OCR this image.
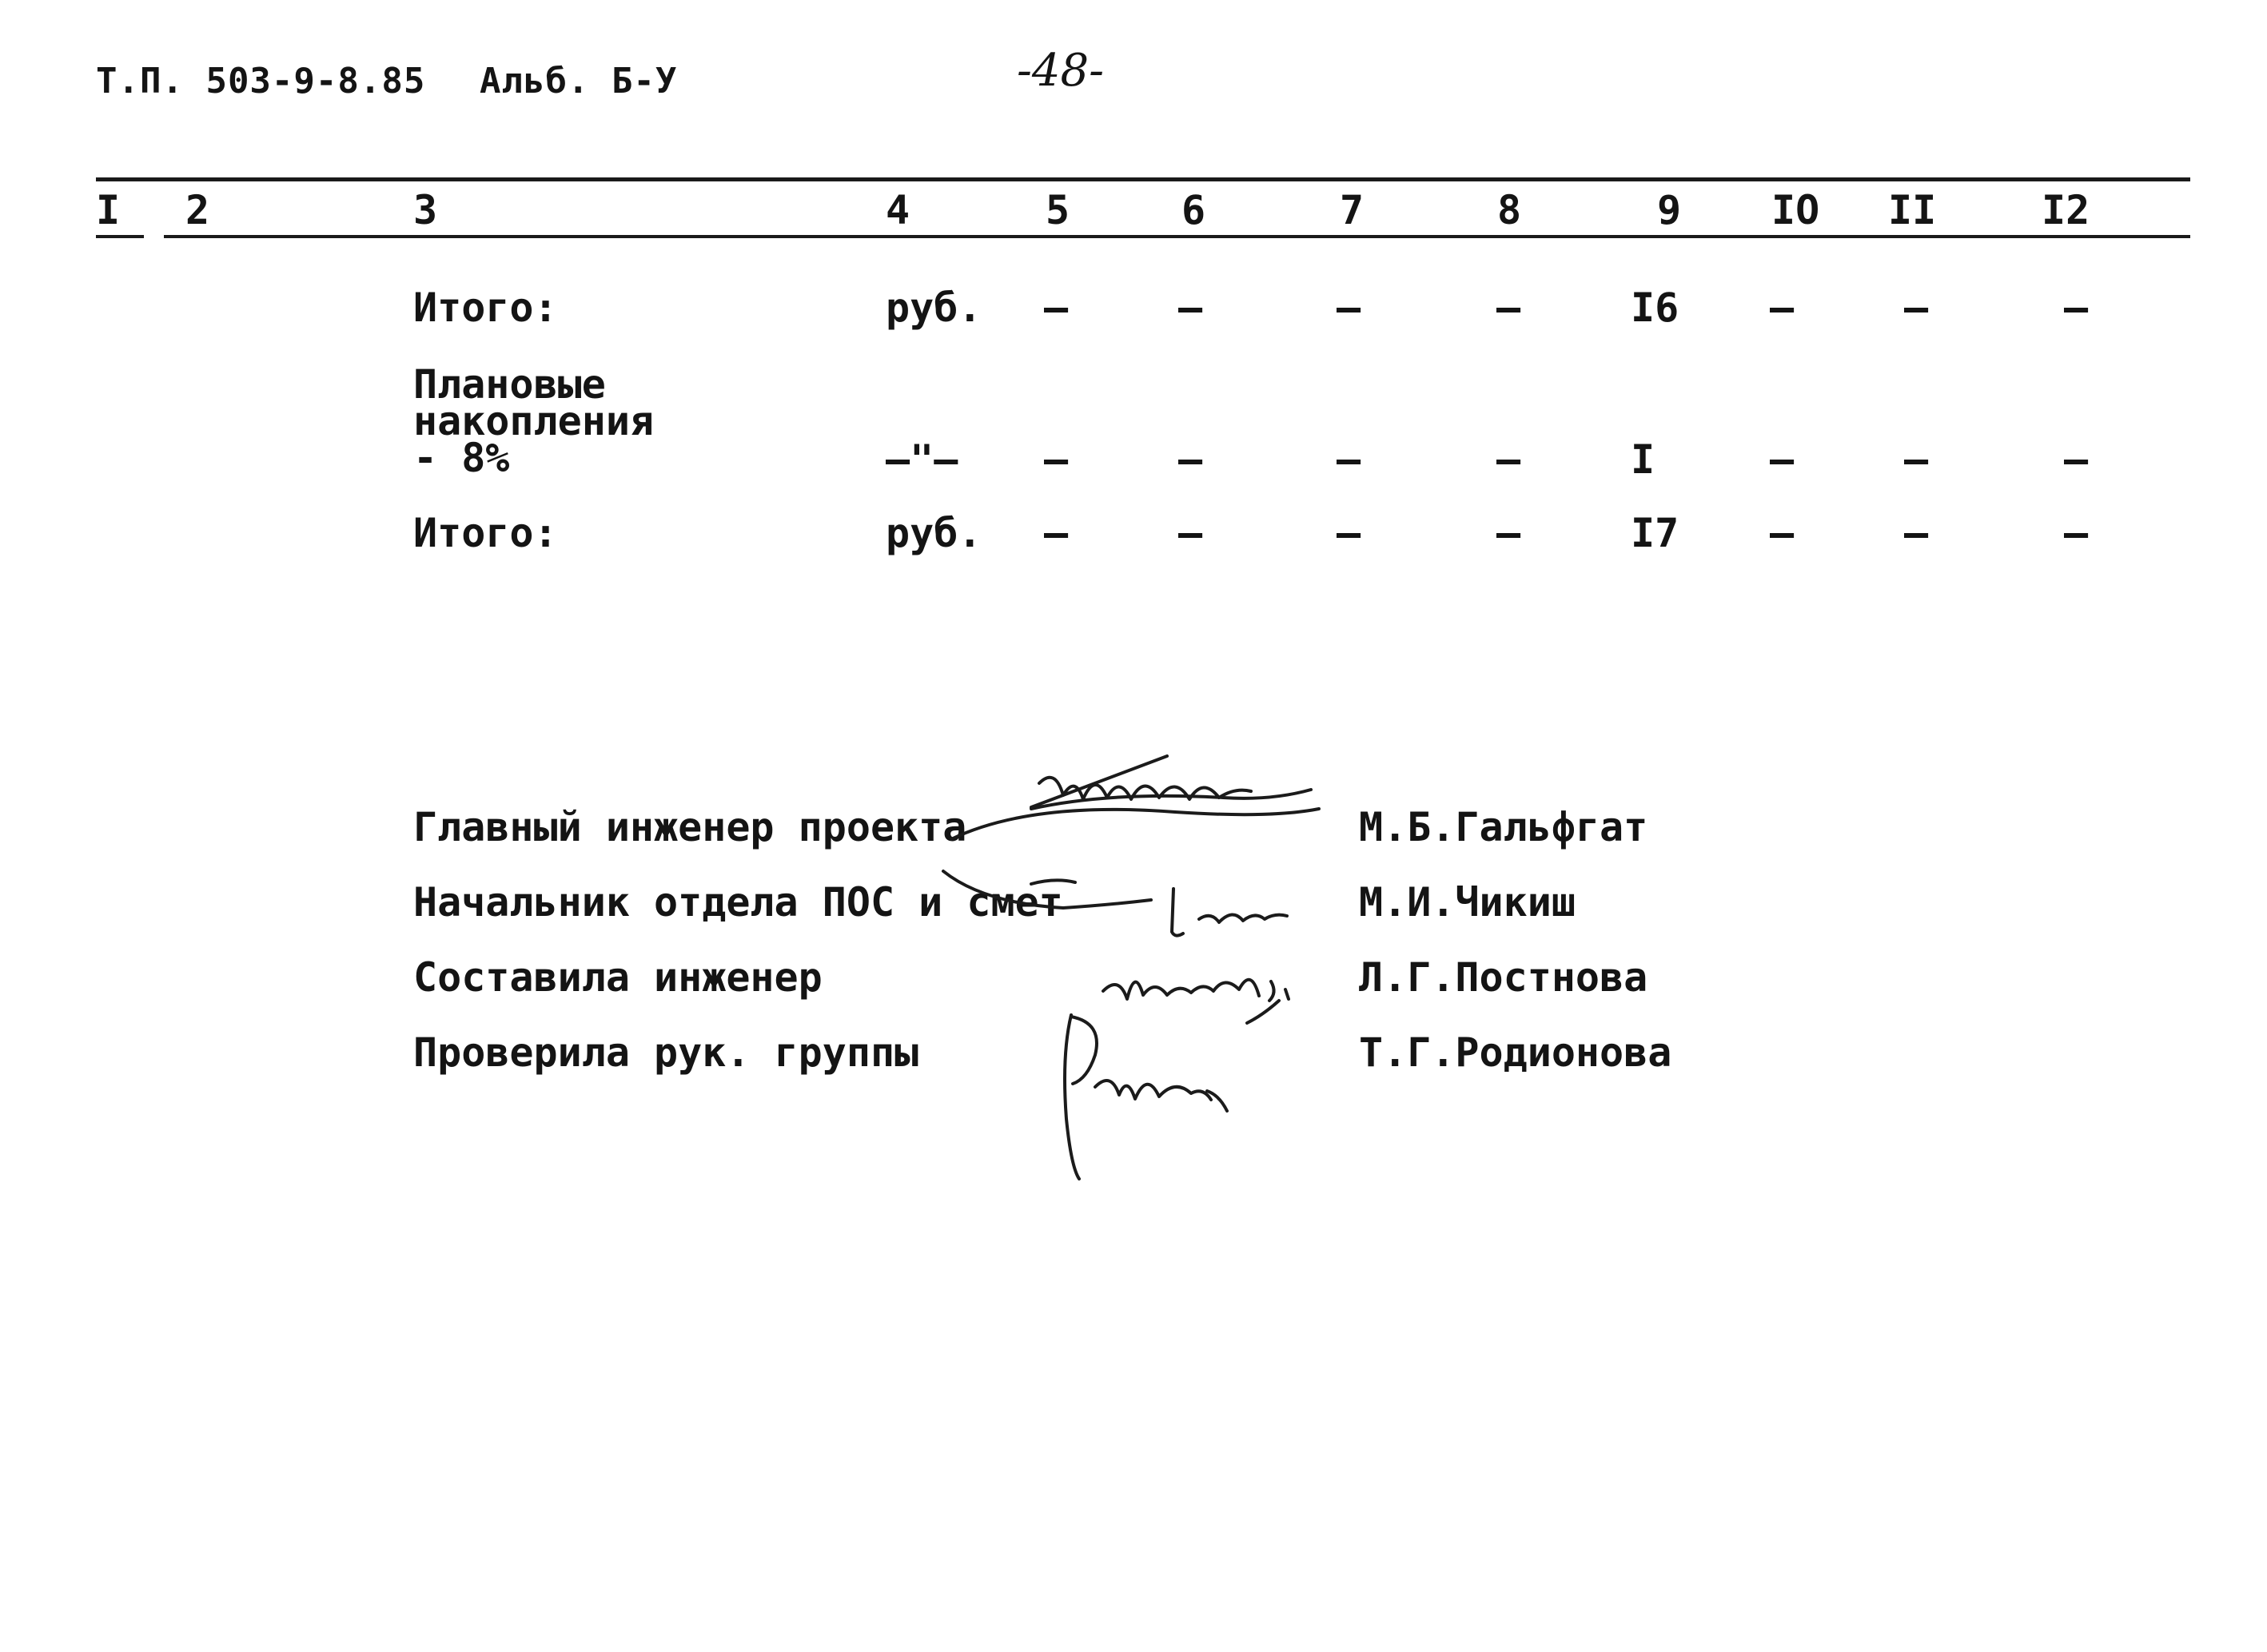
Т.П. 503-9-8.85 Альб. Б-У	-48-
I 2	3	4	5	6	7	8	9 IO II	I2
Итого:	руб. –	–	–	–	I6 –	–	–
Плановые
накопления
- 8%	–"– –	–	–	–	I	–	–	–
Итого:	руб. –	–	–	–	I7 –	–	–
Главный инженер проекта	М.Б.Гальфгат
Начальник отдела ПОС и смет	М.И.Чикиш
Составила инженер	Л.Г.Постнова
Проверила рук. группы	Т.Г.Родионова
